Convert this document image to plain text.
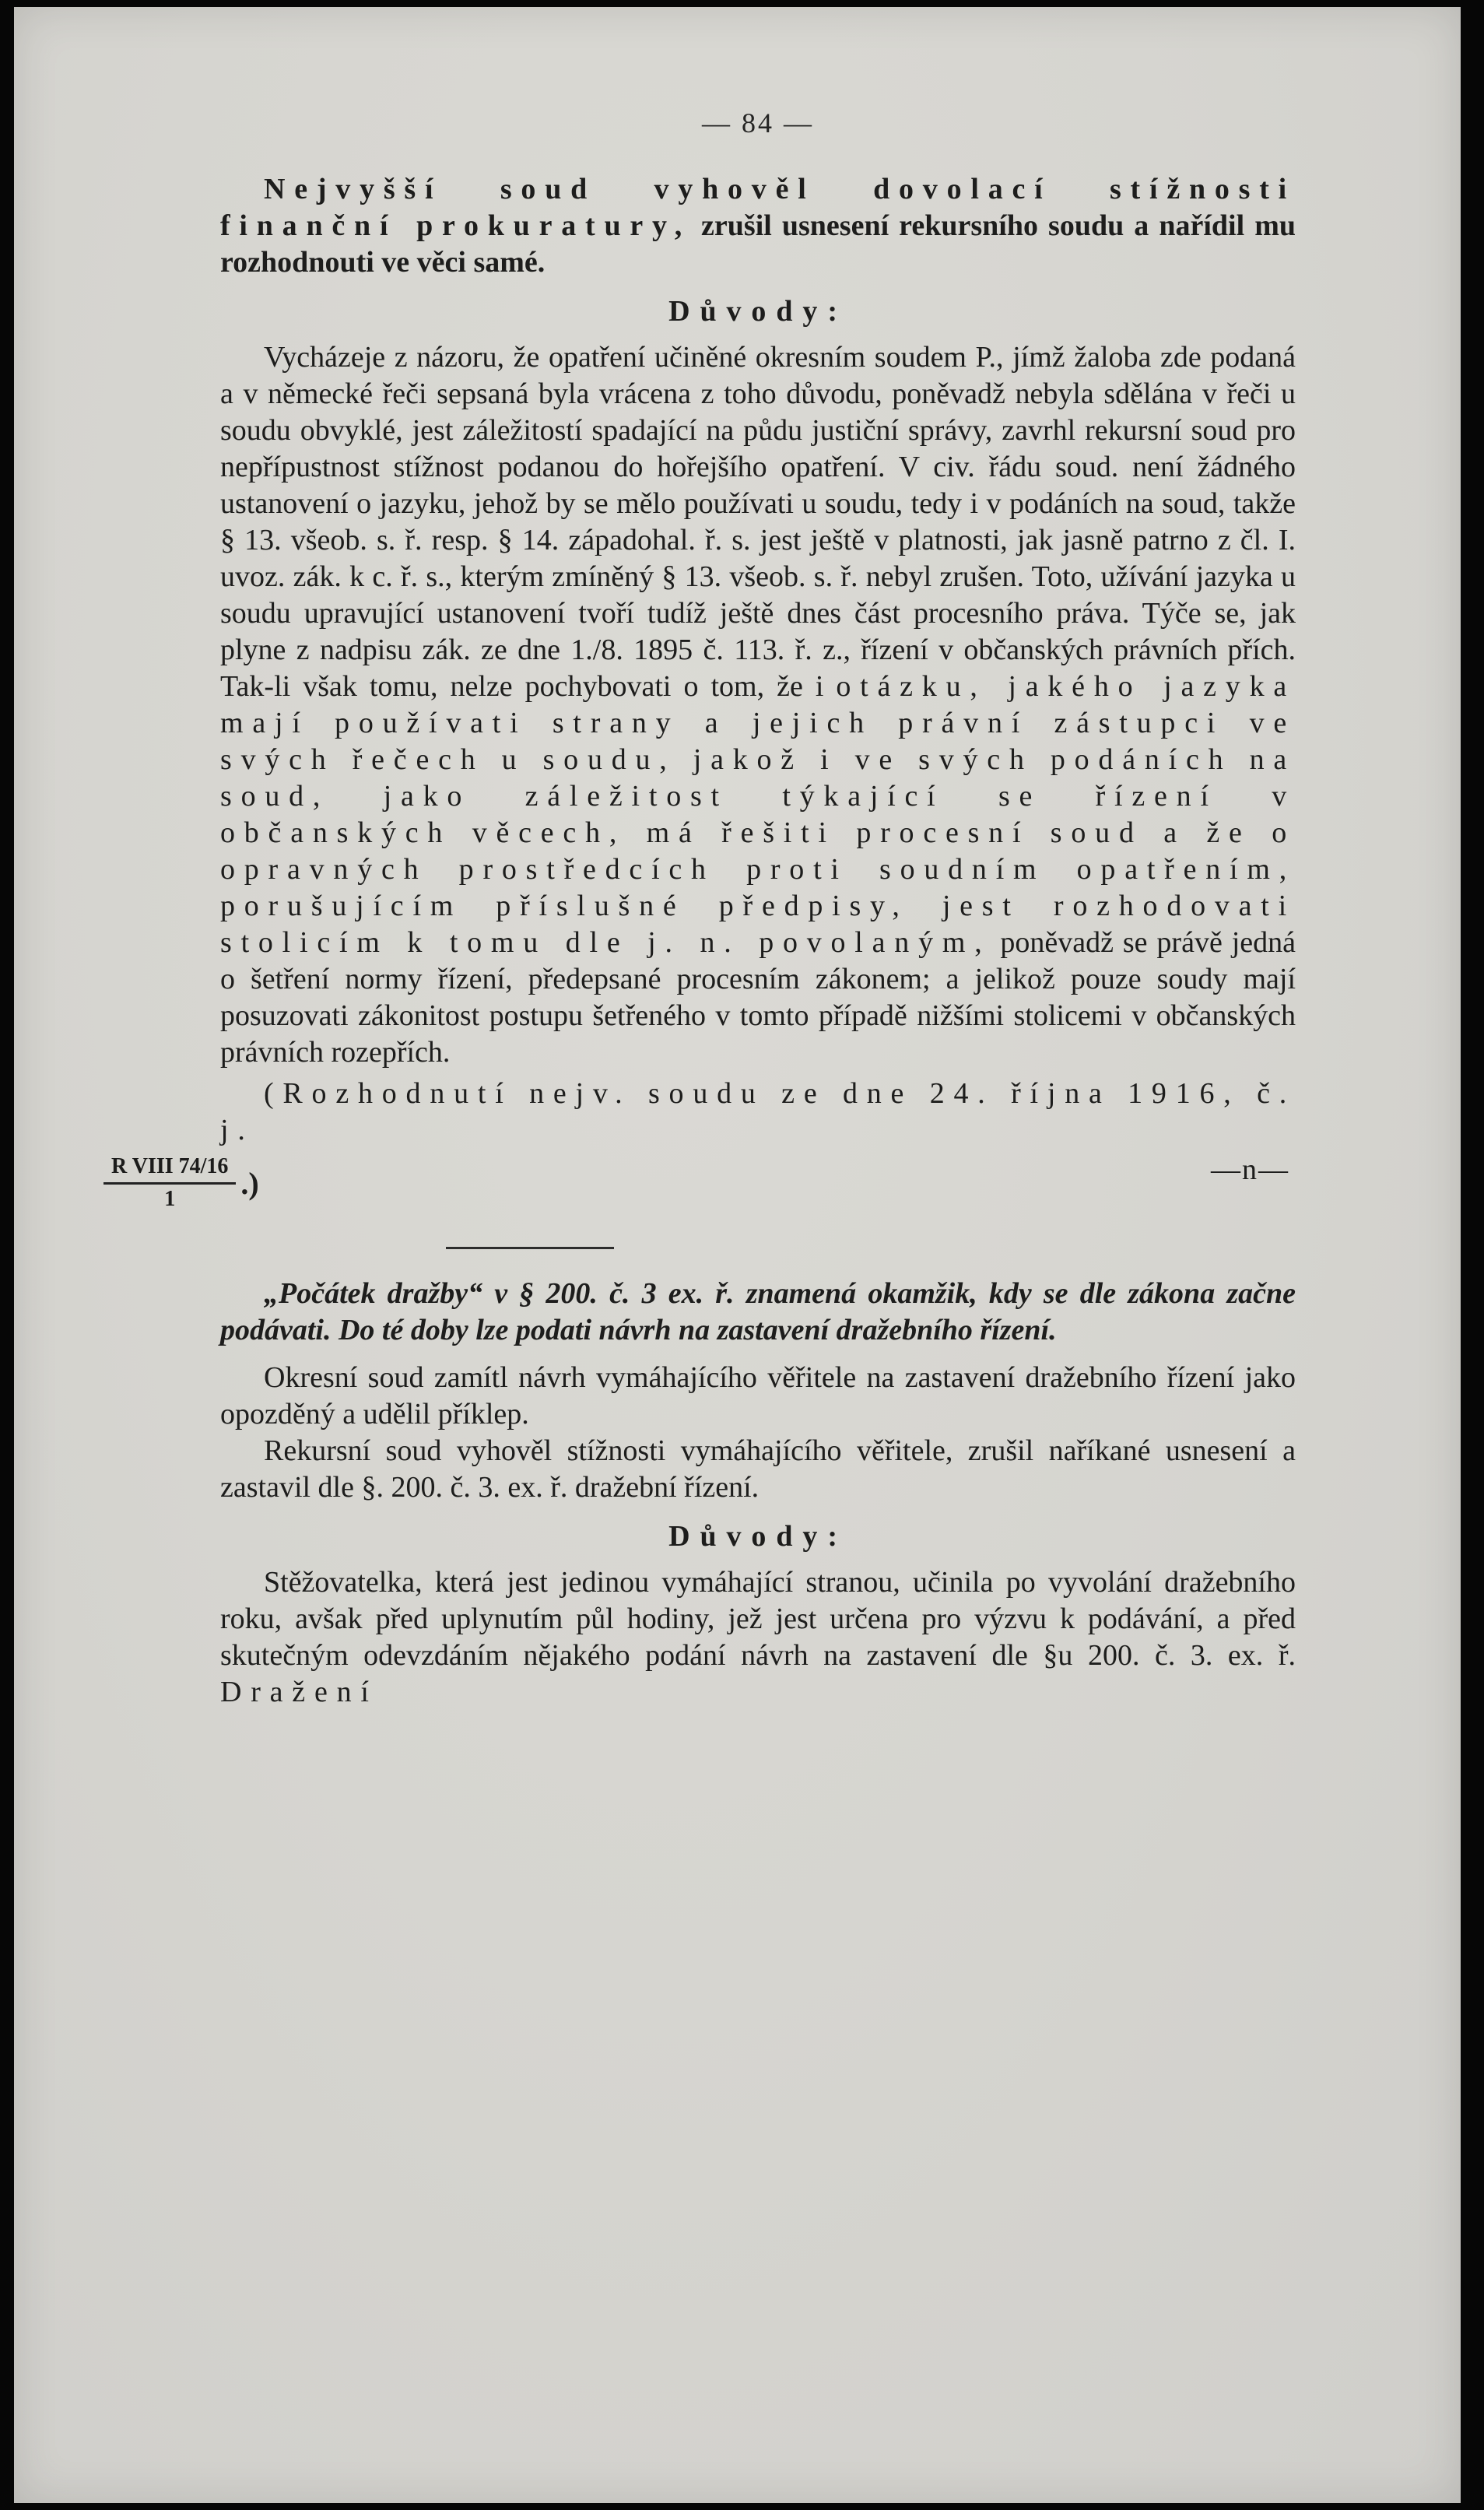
— 84 —

Nejvyšší soud vyhověl dovolací stížnosti finanční prokuratury, zrušil usnesení rekursního soudu a nařídil mu rozhodnouti ve věci samé.

Důvody:

Vycházeje z názoru, že opatření učiněné okresním soudem P., jímž žaloba zde podaná a v německé řeči sepsaná byla vrácena z toho důvodu, poněvadž nebyla sdělána v řeči u soudu obvyklé, jest záležitostí spadající na půdu justiční správy, zavrhl rekursní soud pro nepřípustnost stížnost podanou do hořejšího opatření. V civ. řádu soud. není žádného ustanovení o jazyku, jehož by se mělo používati u soudu, tedy i v podáních na soud, takže § 13. všeob. s. ř. resp. § 14. západohal. ř. s. jest ještě v platnosti, jak jasně patrno z čl. I. uvoz. zák. k c. ř. s., kterým zmíněný § 13. všeob. s. ř. nebyl zrušen. Toto, užívání jazyka u soudu upravující ustanovení tvoří tudíž ještě dnes část procesního práva. Týče se, jak plyne z nadpisu zák. ze dne 1./8. 1895 č. 113. ř. z., řízení v občanských právních přích. Tak-li však tomu, nelze pochybovati o tom, že i otázku, jakého jazyka mají používati strany a jejich právní zástupci ve svých řečech u soudu, jakož i ve svých podáních na soud, jako záležitost týkající se řízení v občanských věcech, má řešiti procesní soud a že o opravných prostředcích proti soudním opatřením, porušujícím příslušné předpisy, jest rozhodovati stolicím k tomu dle j. n. povolaným, poněvadž se právě jedná o šetření normy řízení, předepsané procesním zákonem; a jelikož pouze soudy mají posuzovati zákonitost postupu šetřeného v tomto případě nižšími stolicemi v občanských právních rozepřích.

(Rozhodnutí nejv. soudu ze dne 24. října 1916, č. j.

$\frac{\text{R VIII 74/16}}{1}$ .)	—n—

„Počátek dražby“ v § 200. č. 3 ex. ř. znamená okamžik, kdy se dle zákona začne podávati. Do té doby lze podati návrh na zastavení dražebního řízení.

Okresní soud zamítl návrh vymáhajícího věřitele na zastavení dražebního řízení jako opozděný a udělil příklep.

Rekursní soud vyhověl stížnosti vymáhajícího věřitele, zrušil naříkané usnesení a zastavil dle §. 200. č. 3. ex. ř. dražební řízení.

Důvody:

Stěžovatelka, která jest jedinou vymáhající stranou, učinila po vyvolání dražebního roku, avšak před uplynutím půl hodiny, jež jest určena pro výzvu k podávání, a před skutečným odevzdáním nějakého podání návrh na zastavení dle §u 200. č. 3. ex. ř. Dražení
